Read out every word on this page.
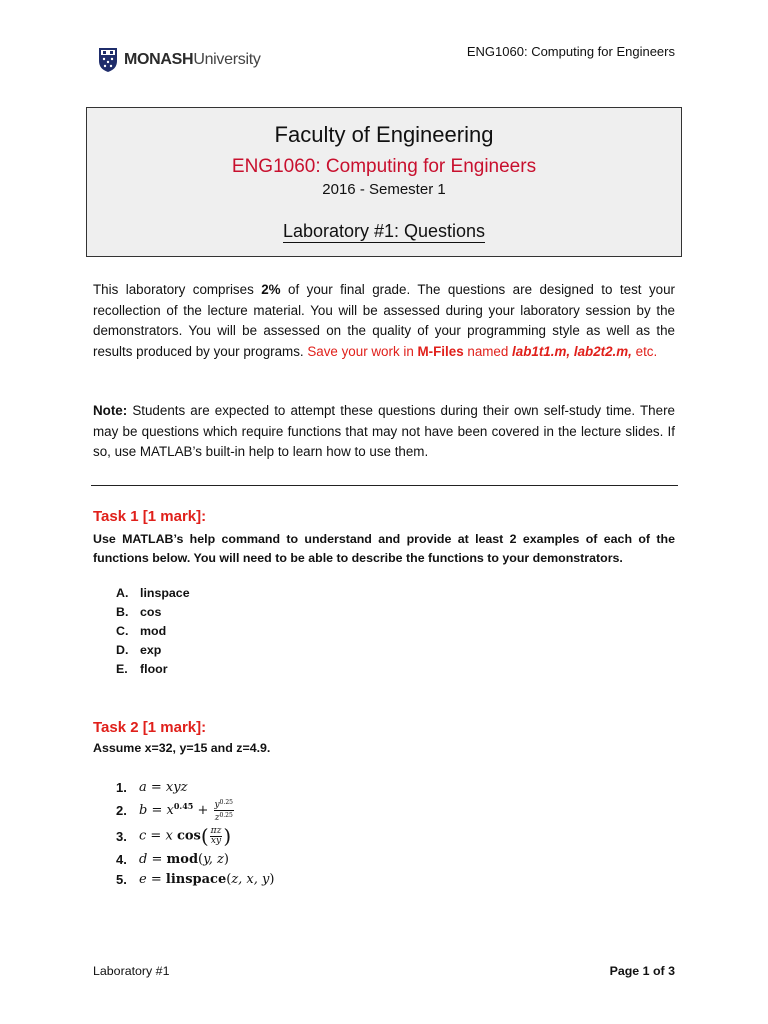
MONASHUniversity	ENG1060: Computing for Engineers
Faculty of Engineering
ENG1060: Computing for Engineers
2016 - Semester 1
Laboratory #1: Questions
This laboratory comprises 2% of your final grade. The questions are designed to test your recollection of the lecture material. You will be assessed during your laboratory session by the demonstrators. You will be assessed on the quality of your programming style as well as the results produced by your programs. Save your work in M-Files named lab1t1.m, lab2t2.m, etc.
Note: Students are expected to attempt these questions during their own self-study time. There may be questions which require functions that may not have been covered in the lecture slides. If so, use MATLAB’s built-in help to learn how to use them.
Task 1 [1 mark]:
Use MATLAB’s help command to understand and provide at least 2 examples of each of the functions below. You will need to be able to describe the functions to your demonstrators.
A. linspace
B. cos
C. mod
D. exp
E. floor
Task 2 [1 mark]:
Assume x=32, y=15 and z=4.9.
1. a = xyz
2. $b = x^{0.45} + \frac{y^{0.25}}{z^{0.25}}$
3. c = x $\cos( \frac{\pi z}{xy}$ )
4. d = mod(y, z)
5. e = linspace(z, x, y)
Laboratory #1	Page 1 of 3
